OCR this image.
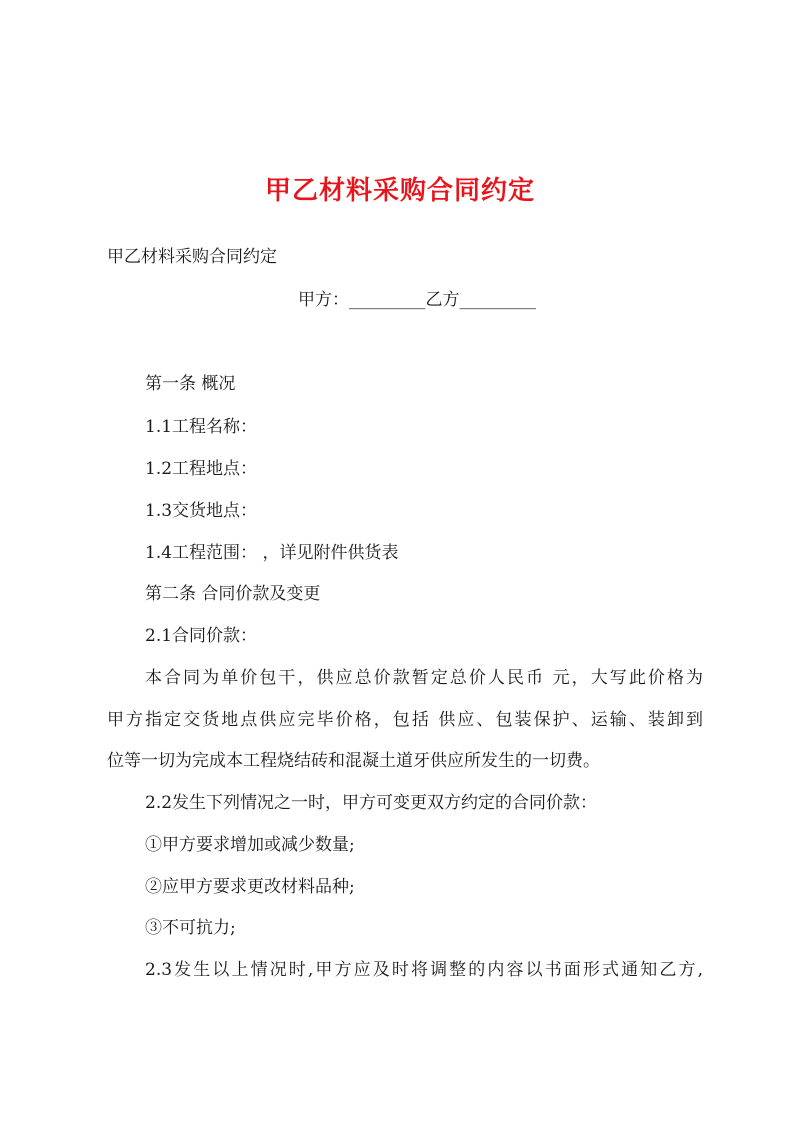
甲乙材料采购合同约定
甲乙材料采购合同约定
甲方：_________乙方_________
第一条 概况
1.1工程名称：
1.2工程地点：
1.3交货地点：
1.4工程范围： ，详见附件供货表
第二条 合同价款及变更
2.1合同价款：
本合同为单价包干，供应总价款暂定总价人民币 元，大写此价格为
甲方指定交货地点供应完毕价格，包括 供应、包装保护、运输、装卸到
位等一切为完成本工程烧结砖和混凝土道牙供应所发生的一切费。
2.2发生下列情况之一时，甲方可变更双方约定的合同价款：
①甲方要求增加或减少数量;
②应甲方要求更改材料品种;
③不可抗力;
2.3发生以上情况时,甲方应及时将调整的内容以书面形式通知乙方,
